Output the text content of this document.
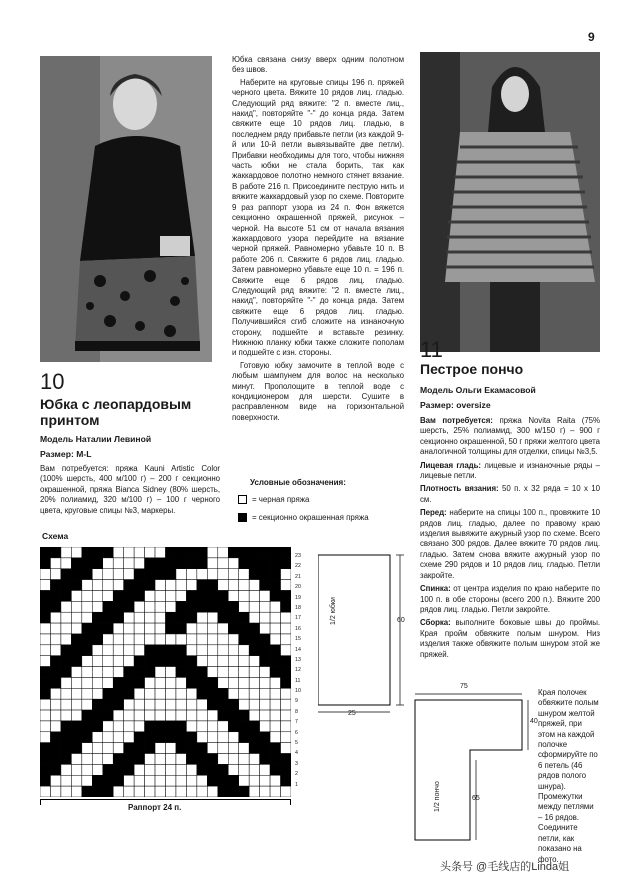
9
10
Юбка с леопардовым принтом
Модель Наталии Левиной
Размер: M-L
Вам потребуется: пряжа Kauni Artistic Color (100% шерсть, 400 м/100 г) – 200 г секционно окрашенной, пряжа Bianca Sidney (80% шерсть, 20% полиамид, 320 м/100 г) – 100 г черного цвета, круговые спицы №3, маркеры.

Юбка связана снизу вверх одним полотном без швов.

Наберите на круговые спицы 196 п. пряжей черного цвета. Вяжите 10 рядов лиц. гладью. Следующий ряд вяжите: "2 п. вместе лиц., накид", повторяйте "-" до конца ряда. Затем свяжите еще 10 рядов лиц. гладью, в последнем ряду прибавьте петли (из каждой 9-й или 10-й петли вывязывайте две петли). Прибавки необходимы для того, чтобы нижняя часть юбки не стала борить, так как жаккардовое полотно немного стянет вязание. В работе 216 п. Присоедините пеструю нить и вяжите жаккардовый узор по схеме. Повторите 9 раз раппорт узора из 24 п. Фон вяжется секционно окрашенной пряжей, рисунок – черной. На высоте 51 см от начала вязания жаккардового узора перейдите на вязание черной пряжей. Равномерно убавьте 10 п. В работе 206 п. Свяжите 6 рядов лиц. гладью. Затем равномерно убавьте еще 10 п. = 196 п. Свяжите еще 6 рядов лиц. гладью. Следующий ряд вяжите: "2 п. вместе лиц., накид", повторяйте "-" до конца ряда. Затем свяжите еще 6 рядов лиц. гладью. Получившийся сгиб сложите на изнаночную сторону, подшейте и вставьте резинку. Нижнюю планку юбки также сложите пополам и подшейте с изн. стороны.

Готовую юбку замочите в теплой воде с любым шампунем для волос на несколько минут. Прополощите в теплой воде с кондиционером для шерсти. Сушите в расправленном виде на горизонтальной поверхности.

Условные обозначения:
= черная пряжа
= секционно окрашенная пряжа
Схема
23
22
21
20
19
18
17
16
15
14
13
12
11
10
9
8
7
6
5
4
3
2
1
Раппорт 24 п.
1/2 юбки	60
25
11
Пестрое пончо
Модель Ольги Екамасовой
Размер: oversize

Вам потребуется: пряжа Novita Raita (75% шерсть, 25% полиамид, 300 м/150 г) – 900 г секционно окрашенной, 50 г пряжи желтого цвета аналогичной толщины для отделки, спицы №3,5.

Лицевая гладь: лицевые и изнаночные ряды – лицевые петли.

Плотность вязания: 50 п. х 32 ряда = 10 х 10 см.

Перед: наберите на спицы 100 п., провяжите 10 рядов лиц. гладью, далее по правому краю изделия вывяжите ажурный узор по схеме. Всего связано 300 рядов. Далее вяжите 70 рядов лиц. гладью. Затем снова вяжите ажурный узор по схеме 290 рядов и 10 рядов лиц. гладью. Петли закройте.

Спинка: от центра изделия по краю наберите по 100 п. в обе стороны (всего 200 п.). Вяжите 200 рядов лиц. гладью. Петли закройте.

Сборка: выполните боковые швы до проймы. Края пройм обвяжите полым шнуром. Низ изделия также обвяжите полым шнуром этой же пряжей.

75
40
65
1/2 пончо
Края полочек обвяжите полым шнуром желтой пряжей, при этом на каждой полочке сформируйте по 6 петель (46 рядов полого шнура). Промежутки между петлями – 16 рядов. Соедините петли, как показано на фото.
头条号 @毛线店的Linda姐
